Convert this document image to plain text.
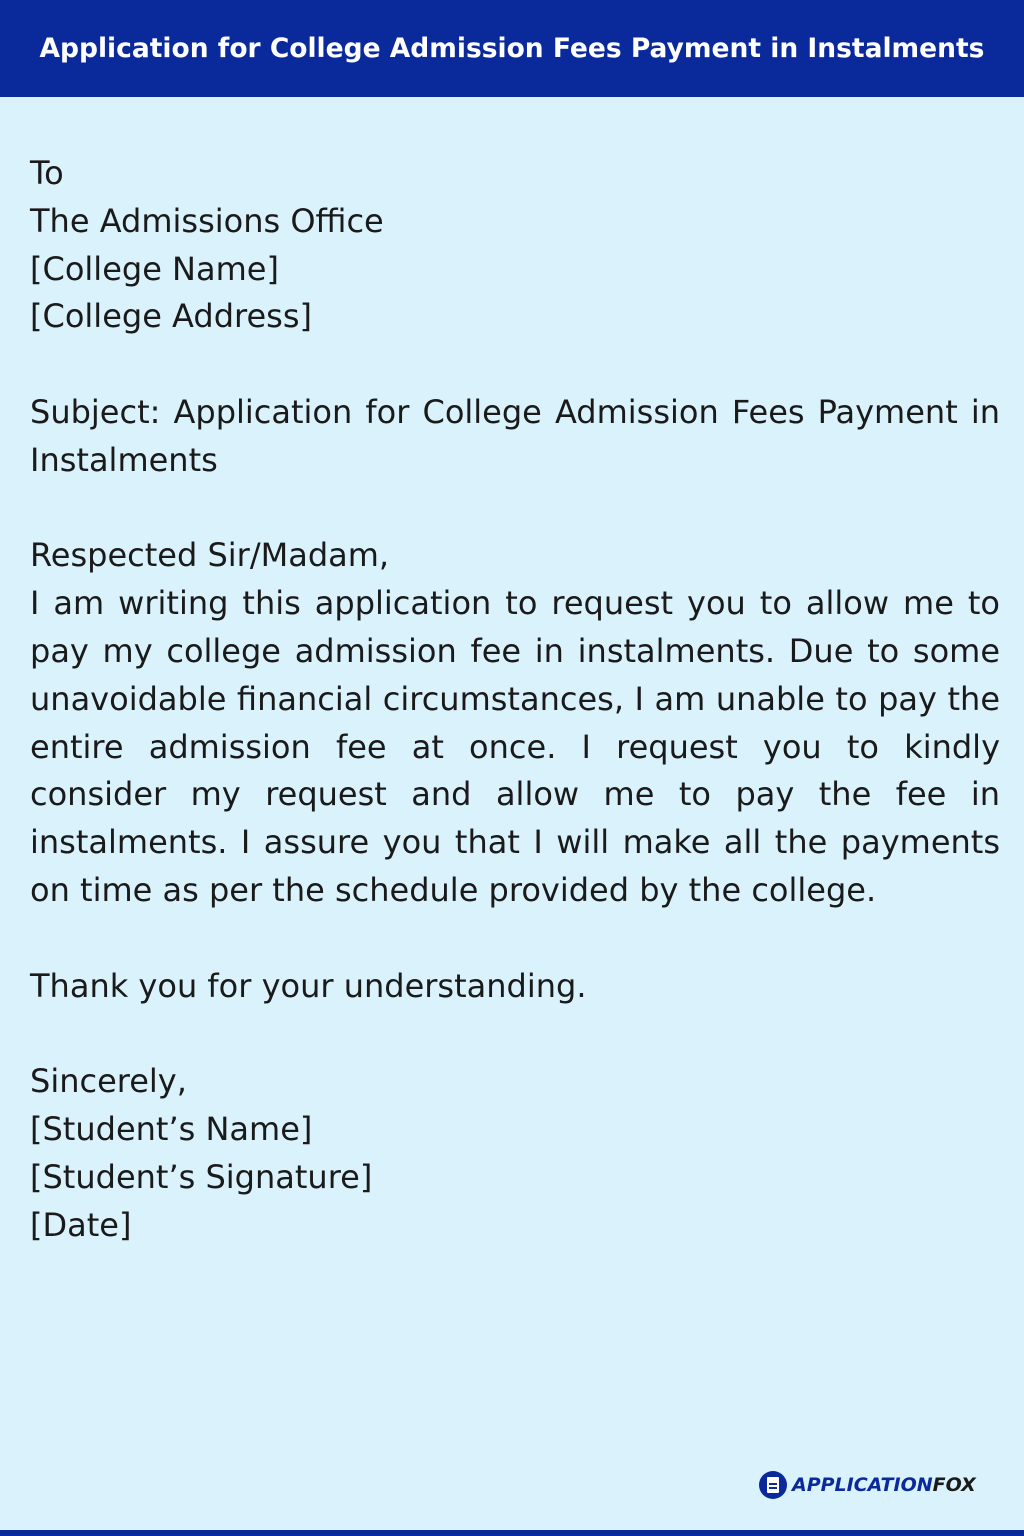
Application for College Admission Fees Payment in Instalments
To
The Admissions Office
[College Name]
[College Address]
Subject: Application for College Admission Fees Payment in Instalments
Respected Sir/Madam,
I am writing this application to request you to allow me to pay my college admission fee in instalments. Due to some unavoidable financial circumstances, I am unable to pay the entire admission fee at once. I request you to kindly consider my request and allow me to pay the fee in instalments. I assure you that I will make all the payments on time as per the schedule provided by the college.
Thank you for your understanding.
Sincerely,
[Student’s Name]
[Student’s Signature]
[Date]
APPLICATIONFOX
